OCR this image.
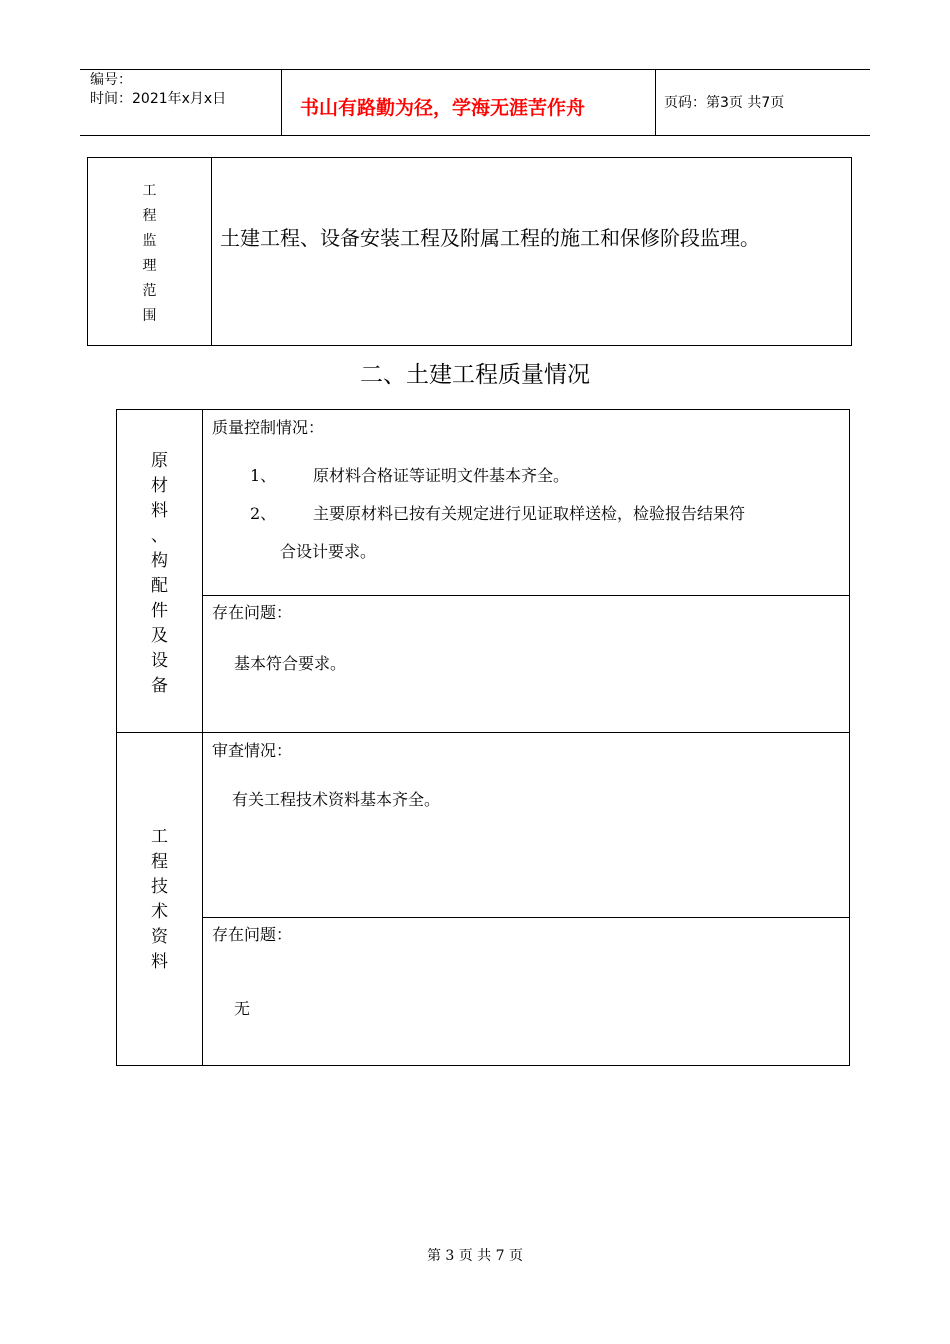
编号：
时间：2021年x月x日	书山有路勤为径，学海无涯苦作舟	页码：第3页 共7页
工
程
监
理
范
围
土建工程、设备安装工程及附属工程的施工和保修阶段监理。
二、土建工程质量情况
原
材
料
、
构
配
件
及
设
备
质量控制情况：
1、 原材料合格证等证明文件基本齐全。
2、 主要原材料已按有关规定进行见证取样送检，检验报告结果符
合设计要求。
存在问题：
基本符合要求。
工
程
技
术
资
料
审查情况：
有关工程技术资料基本齐全。
存在问题：
无
第 3 页 共 7 页
